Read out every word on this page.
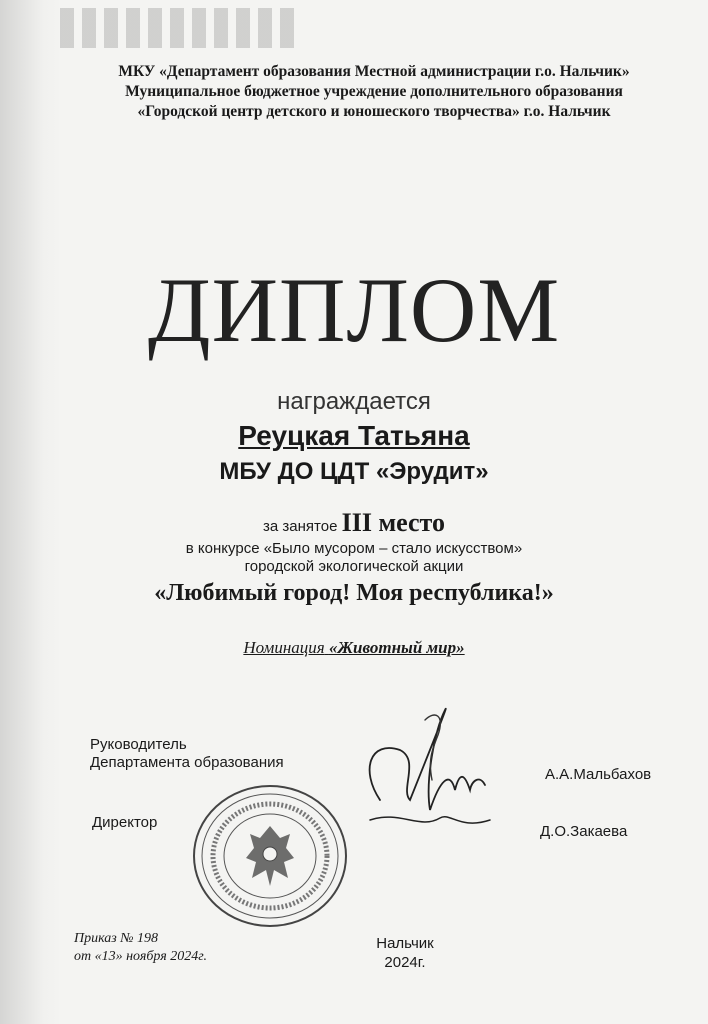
МКУ «Департамент образования Местной администрации г.о. Нальчик»
Муниципальное бюджетное учреждение дополнительного образования
«Городской центр детского и юношеского творчества» г.о. Нальчик
ДИПЛОМ
награждается
Реуцкая Татьяна
МБУ ДО ЦДТ «Эрудит»
за занятое III место
в конкурсе «Было мусором – стало искусством»
городской экологической акции
«Любимый город! Моя республика!»
Номинация «Животный мир»
Руководитель
Департамента образования
А.А.Мальбахов
Директор
Д.О.Закаева
Приказ № 198
от «13» ноября 2024г.
Нальчик
2024г.
